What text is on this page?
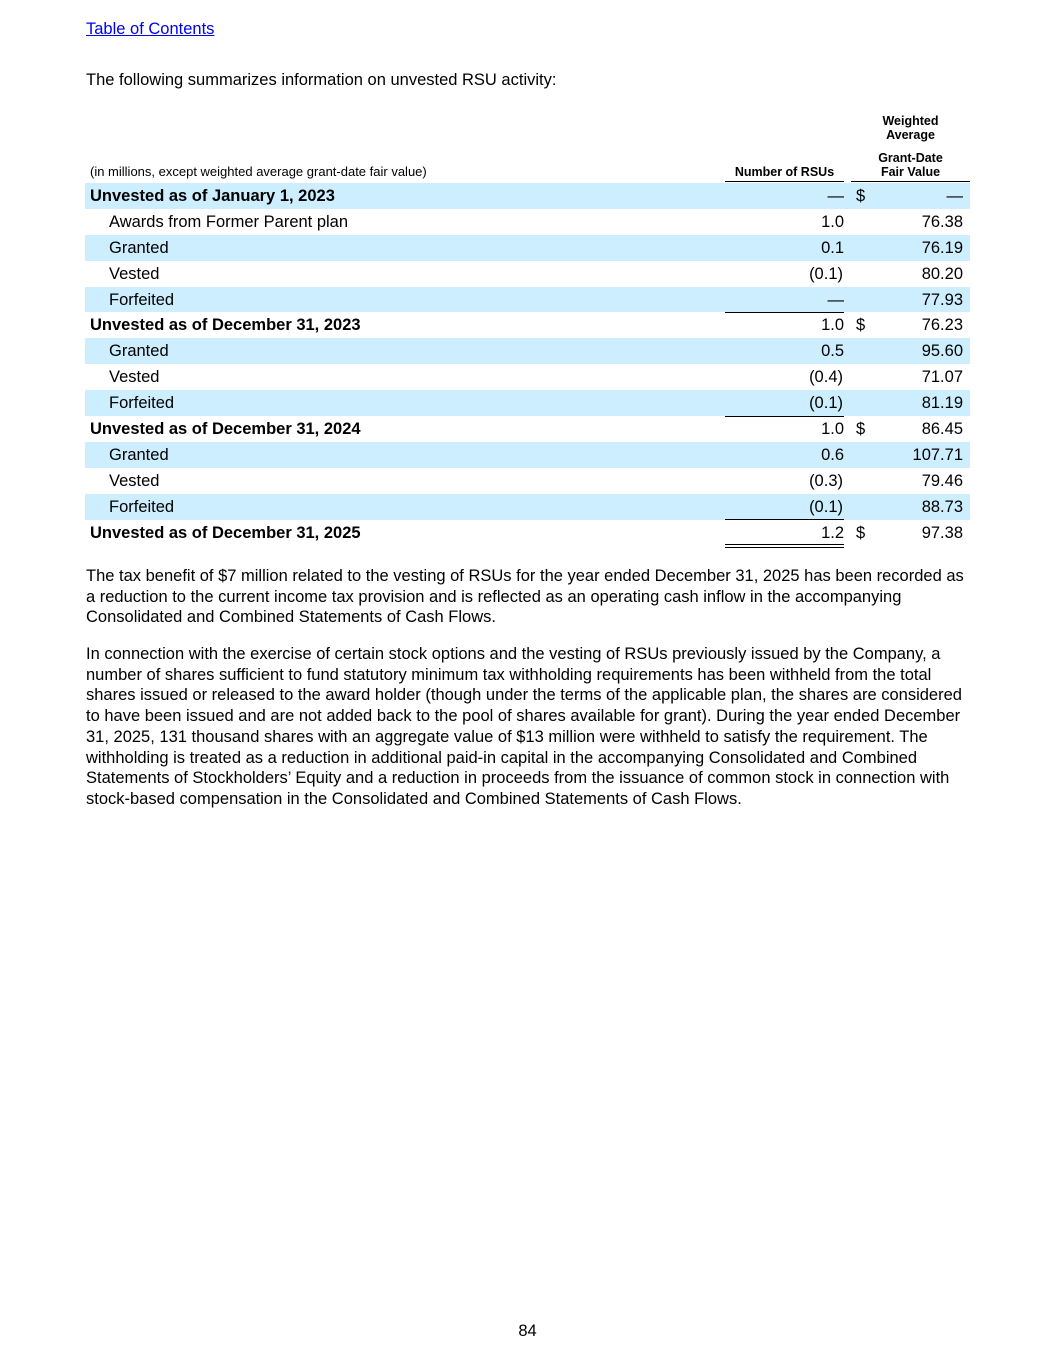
Table of Contents
The following summarizes information on unvested RSU activity:
(in millions, except weighted average grant-date fair value)	Number of RSUs
Weighted
Average
Grant-Date
Fair Value
Unvested as of January 1, 2023	— $	—
Awards from Former Parent plan	1.0	76.38
Granted	0.1	76.19
Vested	(0.1)	80.20
Forfeited	—	77.93
Unvested as of December 31, 2023	1.0 $	76.23
Granted	0.5	95.60
Vested	(0.4)	71.07
Forfeited	(0.1)	81.19
Unvested as of December 31, 2024	1.0 $	86.45
Granted	0.6	107.71
Vested	(0.3)	79.46
Forfeited	(0.1)	88.73
Unvested as of December 31, 2025	1.2 $	97.38
The tax benefit of $7 million related to the vesting of RSUs for the year ended December 31, 2025 has been recorded as a reduction to the current income tax provision and is reflected as an operating cash inflow in the accompanying Consolidated and Combined Statements of Cash Flows.
In connection with the exercise of certain stock options and the vesting of RSUs previously issued by the Company, a number of shares sufficient to fund statutory minimum tax withholding requirements has been withheld from the total shares issued or released to the award holder (though under the terms of the applicable plan, the shares are considered to have been issued and are not added back to the pool of shares available for grant). During the year ended December 31, 2025, 131 thousand shares with an aggregate value of $13 million were withheld to satisfy the requirement. The withholding is treated as a reduction in additional paid-in capital in the accompanying Consolidated and Combined Statements of Stockholders’ Equity and a reduction in proceeds from the issuance of common stock in connection with stock-based compensation in the Consolidated and Combined Statements of Cash Flows.
84
